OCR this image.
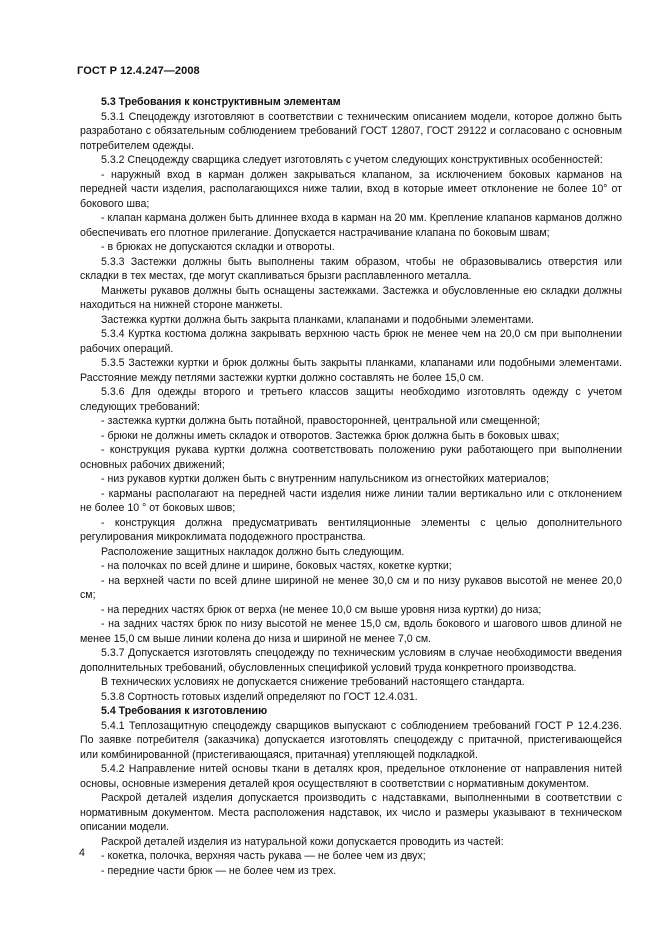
ГОСТ Р 12.4.247—2008

5.3 Требования к конструктивным элементам

5.3.1 Спецодежду изготовляют в соответствии с техническим описанием модели, которое должно быть разработано с обязательным соблюдением требований ГОСТ 12807, ГОСТ 29122 и согласовано с основным потребителем одежды.

5.3.2 Спецодежду сварщика следует изготовлять с учетом следующих конструктивных особенностей:

- наружный вход в карман должен закрываться клапаном, за исключением боковых карманов на передней части изделия, располагающихся ниже талии, вход в которые имеет отклонение не более 10° от бокового шва;

- клапан кармана должен быть длиннее входа в карман на 20 мм. Крепление клапанов карманов должно обеспечивать его плотное прилегание. Допускается настрачивание клапана по боковым швам;

- в брюках не допускаются складки и отвороты.

5.3.3 Застежки должны быть выполнены таким образом, чтобы не образовывались отверстия или складки в тех местах, где могут скапливаться брызги расплавленного металла.

Манжеты рукавов должны быть оснащены застежками. Застежка и обусловленные ею складки должны находиться на нижней стороне манжеты.

Застежка куртки должна быть закрыта планками, клапанами и подобными элементами.

5.3.4 Куртка костюма должна закрывать верхнюю часть брюк не менее чем на 20,0 см при выполнении рабочих операций.

5.3.5 Застежки куртки и брюк должны быть закрыты планками, клапанами или подобными элементами. Расстояние между петлями застежки куртки должно составлять не более 15,0 см.

5.3.6 Для одежды второго и третьего классов защиты необходимо изготовлять одежду с учетом следующих требований:

- застежка куртки должна быть потайной, правосторонней, центральной или смещенной;

- брюки не должны иметь складок и отворотов. Застежка брюк должна быть в боковых швах;

- конструкция рукава куртки должна соответствовать положению руки работающего при выполнении основных рабочих движений;

- низ рукавов куртки должен быть с внутренним напульсником из огнестойких материалов;

- карманы располагают на передней части изделия ниже линии талии вертикально или с отклонением не более 10 ° от боковых швов;

- конструкция должна предусматривать вентиляционные элементы с целью дополнительного регулирования микроклимата пододежного пространства.

Расположение защитных накладок должно быть следующим.

- на полочках по всей длине и ширине, боковых частях, кокетке куртки;

- на верхней части по всей длине шириной не менее 30,0 см и по низу рукавов высотой не менее 20,0 см;

- на передних частях брюк от верха (не менее 10,0 см выше уровня низа куртки) до низа;

- на задних частях брюк по низу высотой не менее 15,0 см, вдоль бокового и шагового швов длиной не менее 15,0 см выше линии колена до низа и шириной не менее 7,0 см.

5.3.7 Допускается изготовлять спецодежду по техническим условиям в случае необходимости введения дополнительных требований, обусловленных спецификой условий труда конкретного производства.

В технических условиях не допускается снижение требований настоящего стандарта.

5.3.8 Сортность готовых изделий определяют по ГОСТ 12.4.031.

5.4 Требования к изготовлению

5.4.1 Теплозащитную спецодежду сварщиков выпускают с соблюдением требований ГОСТ Р 12.4.236. По заявке потребителя (заказчика) допускается изготовлять спецодежду с притачной, пристегивающейся или комбинированной (пристегивающаяся, притачная) утепляющей подкладкой.

5.4.2 Направление нитей основы ткани в деталях кроя, предельное отклонение от направления нитей основы, основные измерения деталей кроя осуществляют в соответствии с нормативным документом.

Раскрой деталей изделия допускается производить с надставками, выполненными в соответствии с нормативным документом. Места расположения надставок, их число и размеры указывают в техническом описании модели.

Раскрой деталей изделия из натуральной кожи допускается проводить из частей:

- кокетка, полочка, верхняя часть рукава — не более чем из двух;

- передние части брюк — не более чем из трех.

4
